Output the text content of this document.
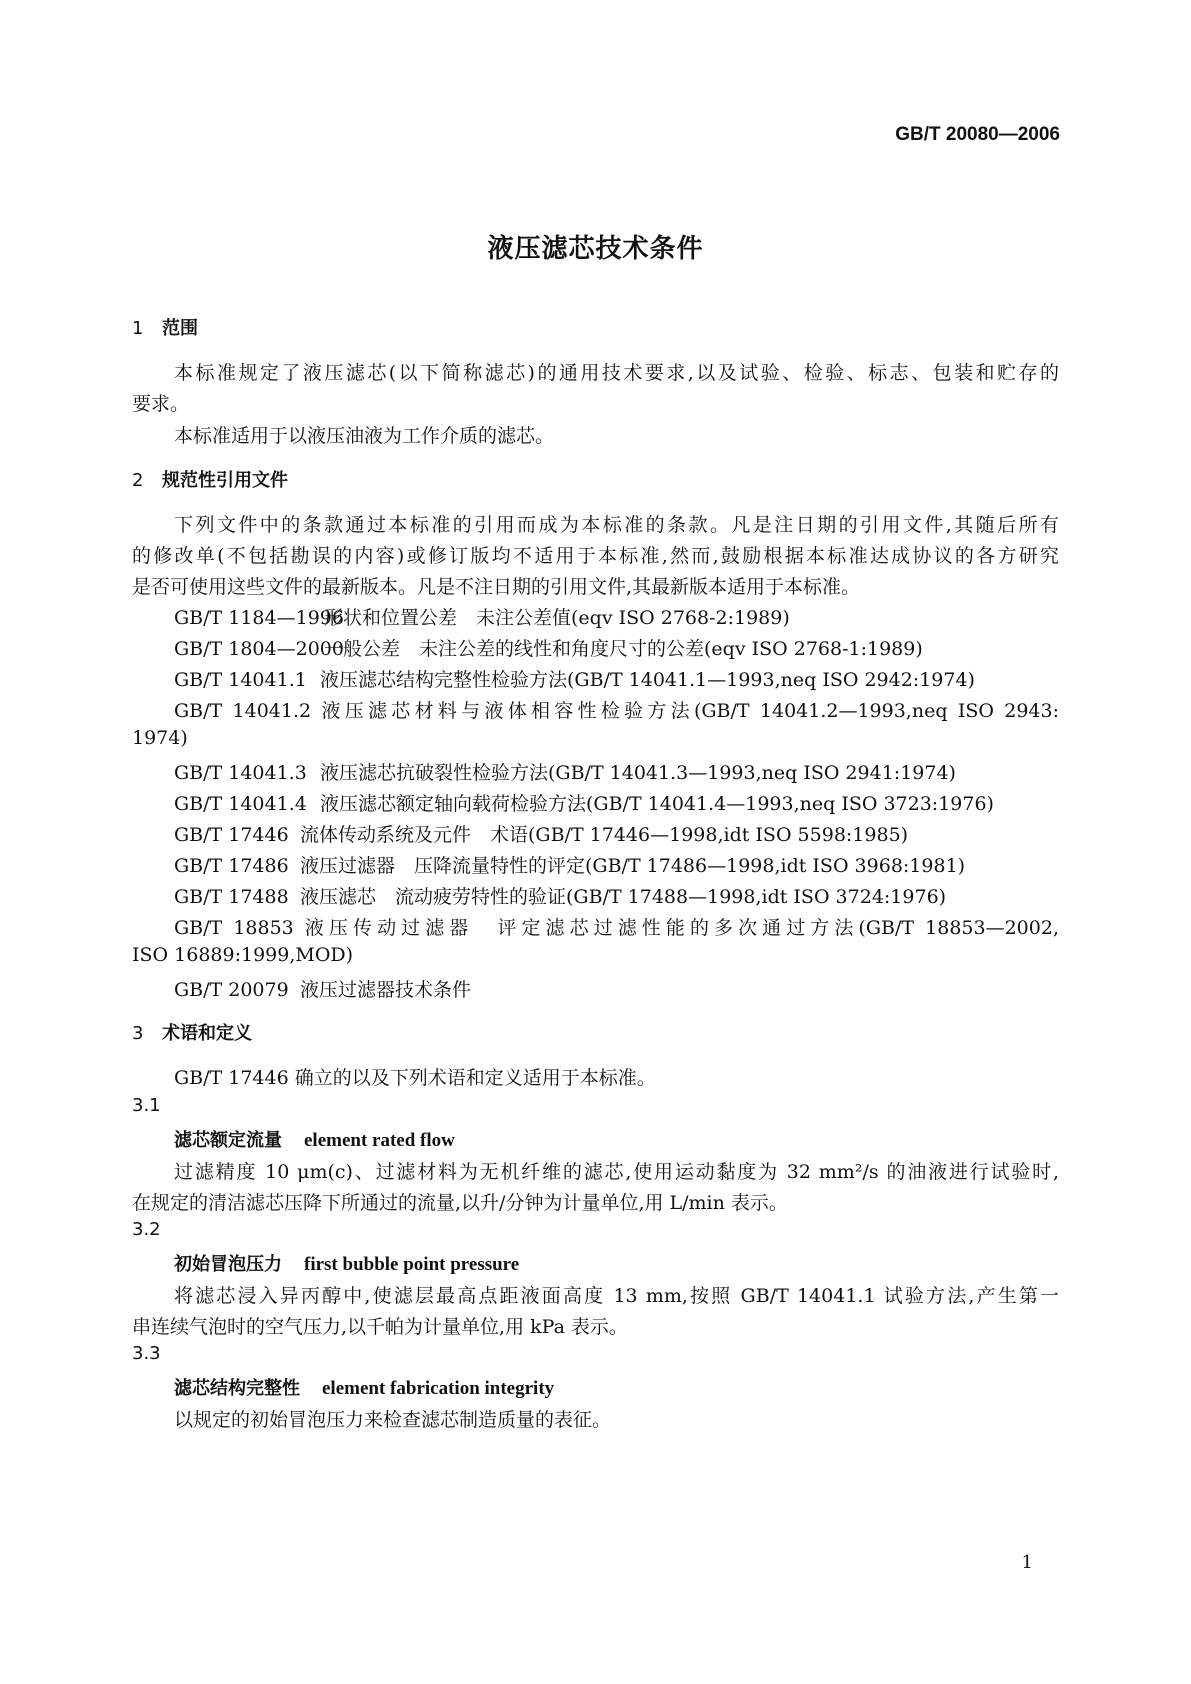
GB/T 20080—2006
液压滤芯技术条件
1 范围
本标准规定了液压滤芯(以下简称滤芯)的通用技术要求,以及试验、检验、标志、包装和贮存的
要求。
本标准适用于以液压油液为工作介质的滤芯。
2 规范性引用文件
下列文件中的条款通过本标准的引用而成为本标准的条款。凡是注日期的引用文件,其随后所有
的修改单(不包括勘误的内容)或修订版均不适用于本标准,然而,鼓励根据本标准达成协议的各方研究
是否可使用这些文件的最新版本。凡是不注日期的引用文件,其最新版本适用于本标准。
GB/T 1184—1996形状和位置公差　未注公差值(eqv ISO 2768-2:1989)
GB/T 1804—2000一般公差　未注公差的线性和角度尺寸的公差(eqv ISO 2768-1:1989)
GB/T 14041.1 液压滤芯结构完整性检验方法(GB/T 14041.1—1993,neq ISO 2942:1974)
GB/T 14041.2 液压滤芯材料与液体相容性检验方法(GB/T 14041.2—1993,neq ISO 2943:
1974)
GB/T 14041.3 液压滤芯抗破裂性检验方法(GB/T 14041.3—1993,neq ISO 2941:1974)
GB/T 14041.4 液压滤芯额定轴向载荷检验方法(GB/T 14041.4—1993,neq ISO 3723:1976)
GB/T 17446 流体传动系统及元件　术语(GB/T 17446—1998,idt ISO 5598:1985)
GB/T 17486 液压过滤器　压降流量特性的评定(GB/T 17486—1998,idt ISO 3968:1981)
GB/T 17488 液压滤芯　流动疲劳特性的验证(GB/T 17488—1998,idt ISO 3724:1976)
GB/T 18853 液压传动过滤器　评定滤芯过滤性能的多次通过方法(GB/T 18853—2002,
ISO 16889:1999,MOD)
GB/T 20079 液压过滤器技术条件
3 术语和定义
GB/T 17446 确立的以及下列术语和定义适用于本标准。
3.1
滤芯额定流量 element rated flow
过滤精度 10 μm(c)、过滤材料为无机纤维的滤芯,使用运动黏度为 32 mm²/s 的油液进行试验时,
在规定的清洁滤芯压降下所通过的流量,以升/分钟为计量单位,用 L/min 表示。
3.2
初始冒泡压力 first bubble point pressure
将滤芯浸入异丙醇中,使滤层最高点距液面高度 13 mm,按照 GB/T 14041.1 试验方法,产生第一
串连续气泡时的空气压力,以千帕为计量单位,用 kPa 表示。
3.3
滤芯结构完整性 element fabrication integrity
以规定的初始冒泡压力来检查滤芯制造质量的表征。
1
